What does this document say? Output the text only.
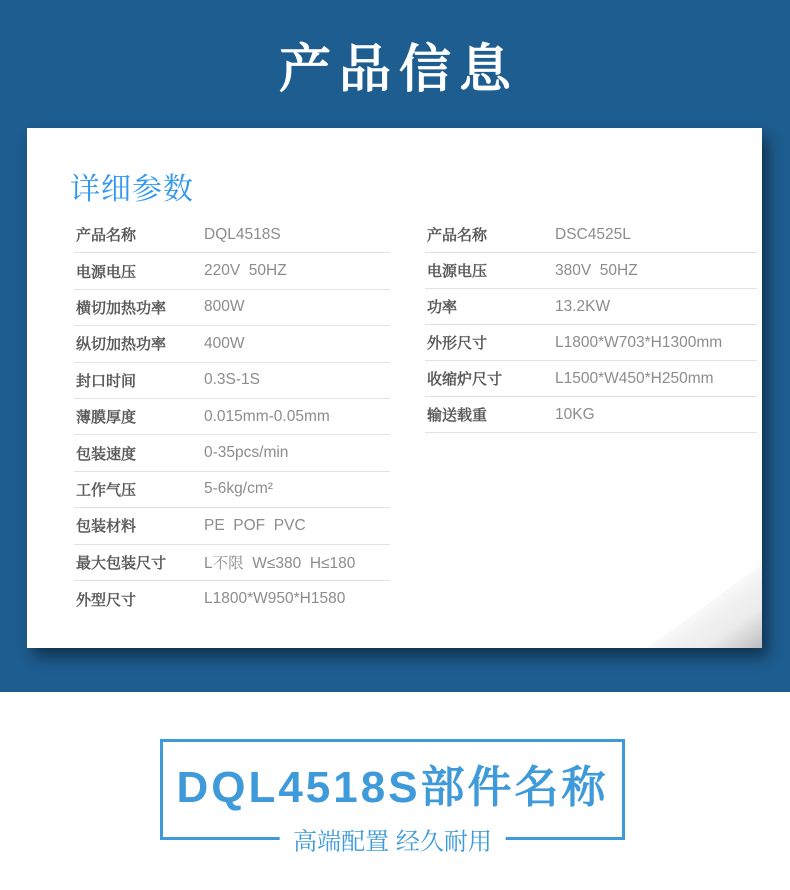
产品信息
详细参数
产品名称	DQL4518S
电源电压	220V  50HZ
横切加热功率	800W
纵切加热功率	400W
封口时间	0.3S-1S
薄膜厚度	0.015mm-0.05mm
包装速度	0-35pcs/min
工作气压	5-6kg/cm²
包装材料	PE  POF  PVC
最大包装尺寸	L不限  W≤380  H≤180
外型尺寸	L1800*W950*H1580
产品名称	DSC4525L
电源电压	380V  50HZ
功率	13.2KW
外形尺寸	L1800*W703*H1300mm
收缩炉尺寸	L1500*W450*H250mm
输送载重	10KG
DQL4518S部件名称
高端配置 经久耐用
